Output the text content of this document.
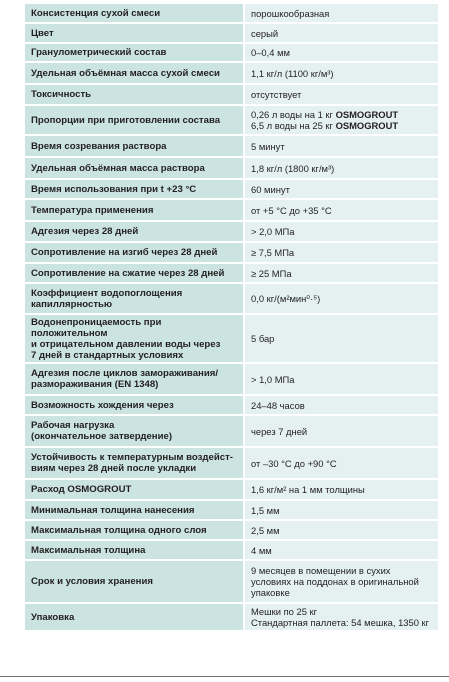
Консистенция сухой смеси	порошкообразная

Цвет	серый

Гранулометрический состав	0–0,4 мм

Удельная объёмная масса сухой смеси	1,1 кг/л (1100 кг/м³)

Токсичность	отсутствует

Пропорции при приготовлении состава	0,26 л воды на 1 кг OSMOGROUT
6,5 л воды на 25 кг OSMOGROUT

Время созревания раствора	5 минут

Удельная объёмная масса раствора	1,8 кг/л (1800 кг/м³)

Время использования при t +23 °C	60 минут

Температура применения	от +5 °С до +35 °С

Адгезия через 28 дней	> 2,0 МПа

Сопротивление на изгиб через 28 дней	≥ 7,5 МПа

Сопротивление на сжатие через 28 дней	≥ 25 МПа

Коэффициент водопоглощения
капиллярностью	0,0 кг/(м²мин⁰·⁵)

Водонепроницаемость при положительном
и отрицательном давлении воды через
7 дней в стандартных условиях	5 бар

Адгезия после циклов замораживания/
размораживания (EN 1348)	> 1,0 МПа

Возможность хождения через	24–48 часов

Рабочая нагрузка
(окончательное затвердение)	через 7 дней

Устойчивость к температурным воздейст-
виям через 28 дней после укладки	от –30 °С до +90 °С

Расход OSMOGROUT	1,6 кг/м² на 1 мм толщины

Минимальная толщина нанесения	1,5 мм

Максимальная толщина одного слоя	2,5 мм

Максимальная толщина	4 мм

Срок и условия хранения	9 месяцев в помещении в сухих
условиях на поддонах в оригинальной
упаковке

Упаковка	Мешки по 25 кг
Стандартная паллета: 54 мешка, 1350 кг
